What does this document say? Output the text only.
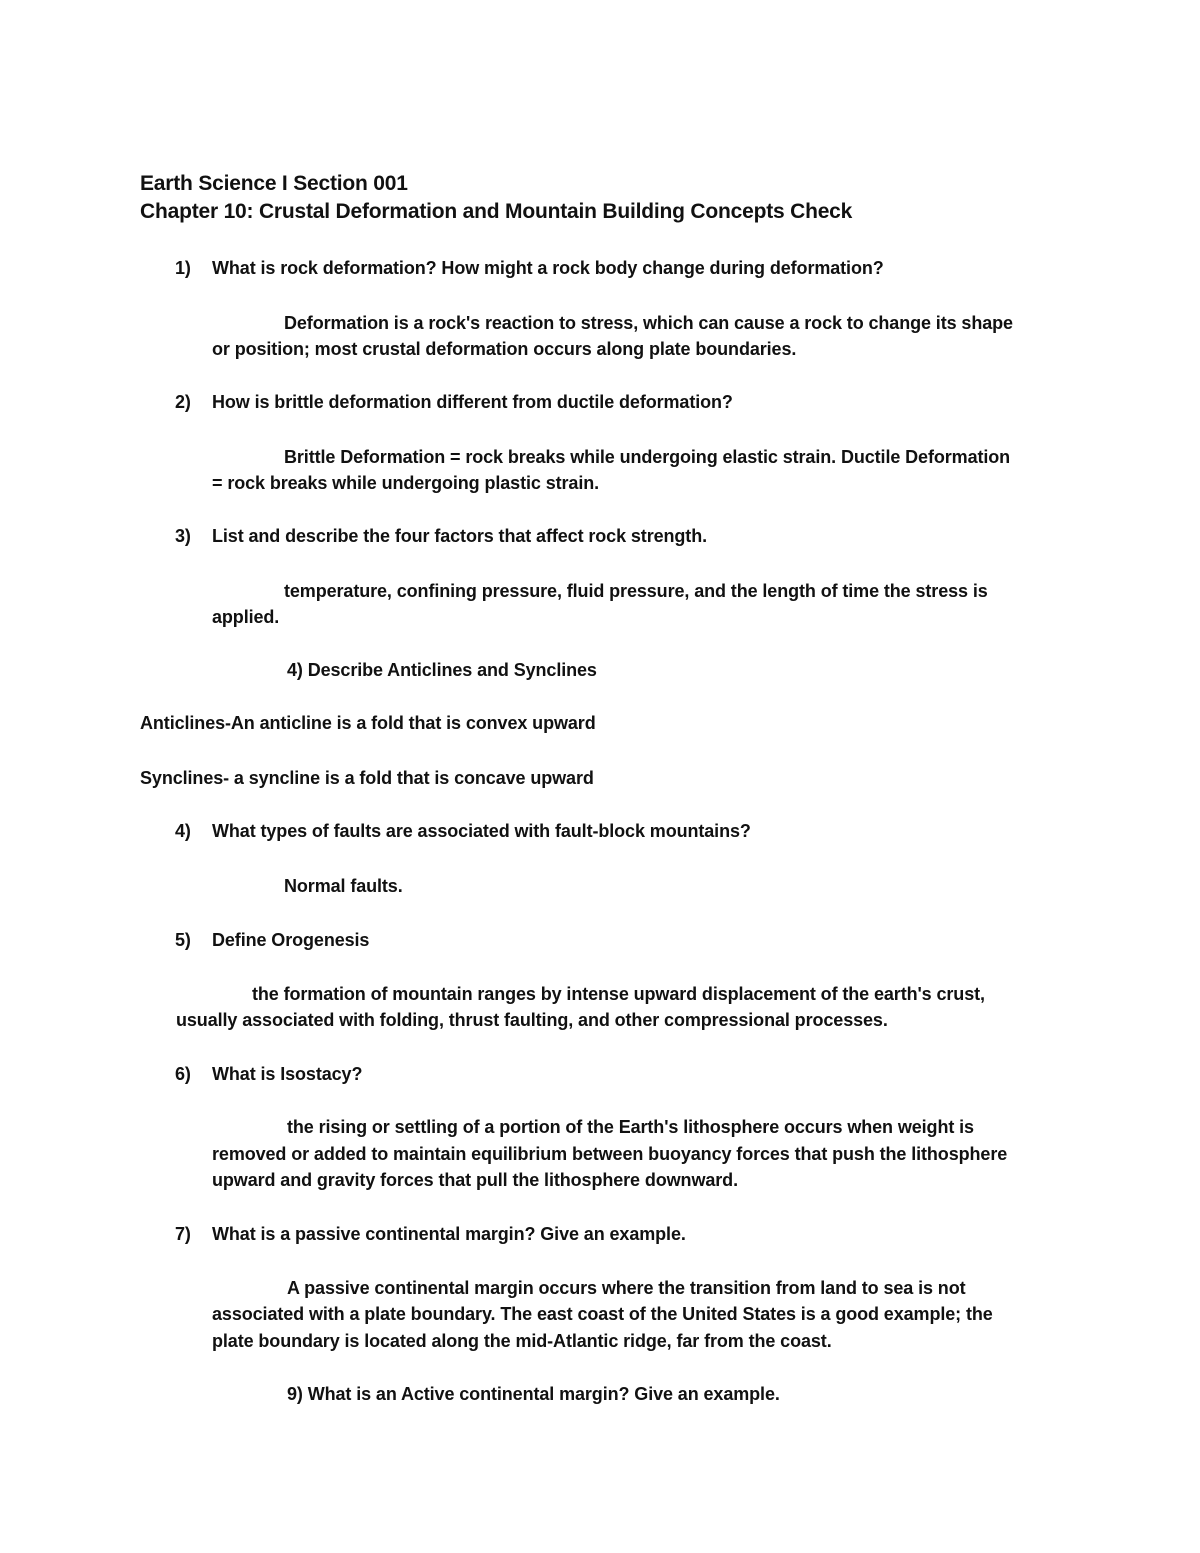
Earth Science I Section 001
Chapter 10: Crustal Deformation and Mountain Building Concepts Check
1) What is rock deformation? How might a rock body change during deformation?
Deformation is a rock's reaction to stress, which can cause a rock to change its shape
or position; most crustal deformation occurs along plate boundaries.
2) How is brittle deformation different from ductile deformation?
Brittle Deformation = rock breaks while undergoing elastic strain. Ductile Deformation
= rock breaks while undergoing plastic strain.
3) List and describe the four factors that affect rock strength.
temperature, confining pressure, fluid pressure, and the length of time the stress is
applied.
4) Describe Anticlines and Synclines
Anticlines-An anticline is a fold that is convex upward
Synclines- a syncline is a fold that is concave upward
4) What types of faults are associated with fault-block mountains?
Normal faults.
5) Define Orogenesis
the formation of mountain ranges by intense upward displacement of the earth's crust,
usually associated with folding, thrust faulting, and other compressional processes.
6) What is Isostacy?
the rising or settling of a portion of the Earth's lithosphere occurs when weight is
removed or added to maintain equilibrium between buoyancy forces that push the lithosphere
upward and gravity forces that pull the lithosphere downward.
7) What is a passive continental margin? Give an example.
A passive continental margin occurs where the transition from land to sea is not
associated with a plate boundary. The east coast of the United States is a good example; the
plate boundary is located along the mid-Atlantic ridge, far from the coast.
9) What is an Active continental margin? Give an example.
